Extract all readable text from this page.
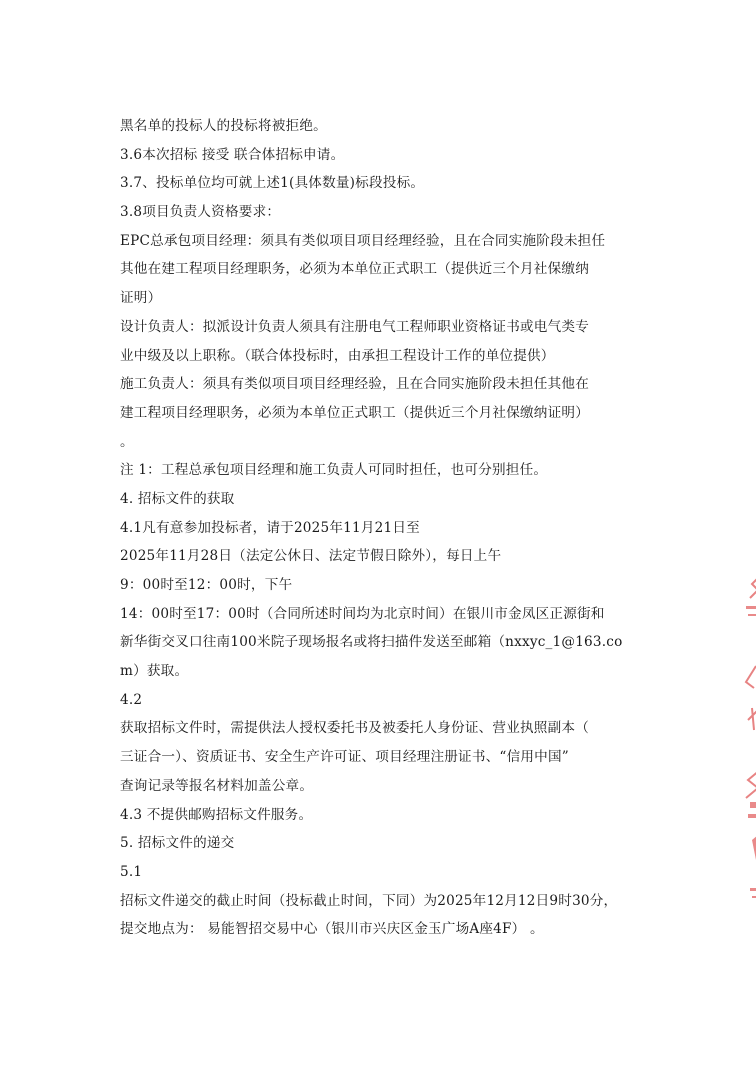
黑名单的投标人的投标将被拒绝。
3.6本次招标 接受 联合体招标申请。
3.7、投标单位均可就上述1(具体数量)标段投标。
3.8项目负责人资格要求：
EPC总承包项目经理：须具有类似项目项目经理经验，且在合同实施阶段未担任
其他在建工程项目经理职务，必须为本单位正式职工（提供近三个月社保缴纳
证明）
设计负责人：拟派设计负责人须具有注册电气工程师职业资格证书或电气类专
业中级及以上职称。（联合体投标时，由承担工程设计工作的单位提供）
施工负责人：须具有类似项目项目经理经验，且在合同实施阶段未担任其他在
建工程项目经理职务，必须为本单位正式职工（提供近三个月社保缴纳证明）
。
注 1：工程总承包项目经理和施工负责人可同时担任，也可分别担任。
4. 招标文件的获取
4.1凡有意参加投标者，请于2025年11月21日至
2025年11月28日（法定公休日、法定节假日除外），每日上午
9：00时至12：00时，下午
14：00时至17：00时（合同所述时间均为北京时间）在银川市金凤区正源街和
新华街交叉口往南100米院子现场报名或将扫描件发送至邮箱（nxxyc_1@163.co
m）获取。
4.2
获取招标文件时，需提供法人授权委托书及被委托人身份证、营业执照副本（
三证合一）、资质证书、安全生产许可证、项目经理注册证书、“信用中国”
查询记录等报名材料加盖公章。
4.3 不提供邮购招标文件服务。
5. 招标文件的递交
5.1
招标文件递交的截止时间（投标截止时间，下同）为2025年12月12日9时30分，
提交地点为： 易能智招交易中心（银川市兴庆区金玉广场A座4F） 。
